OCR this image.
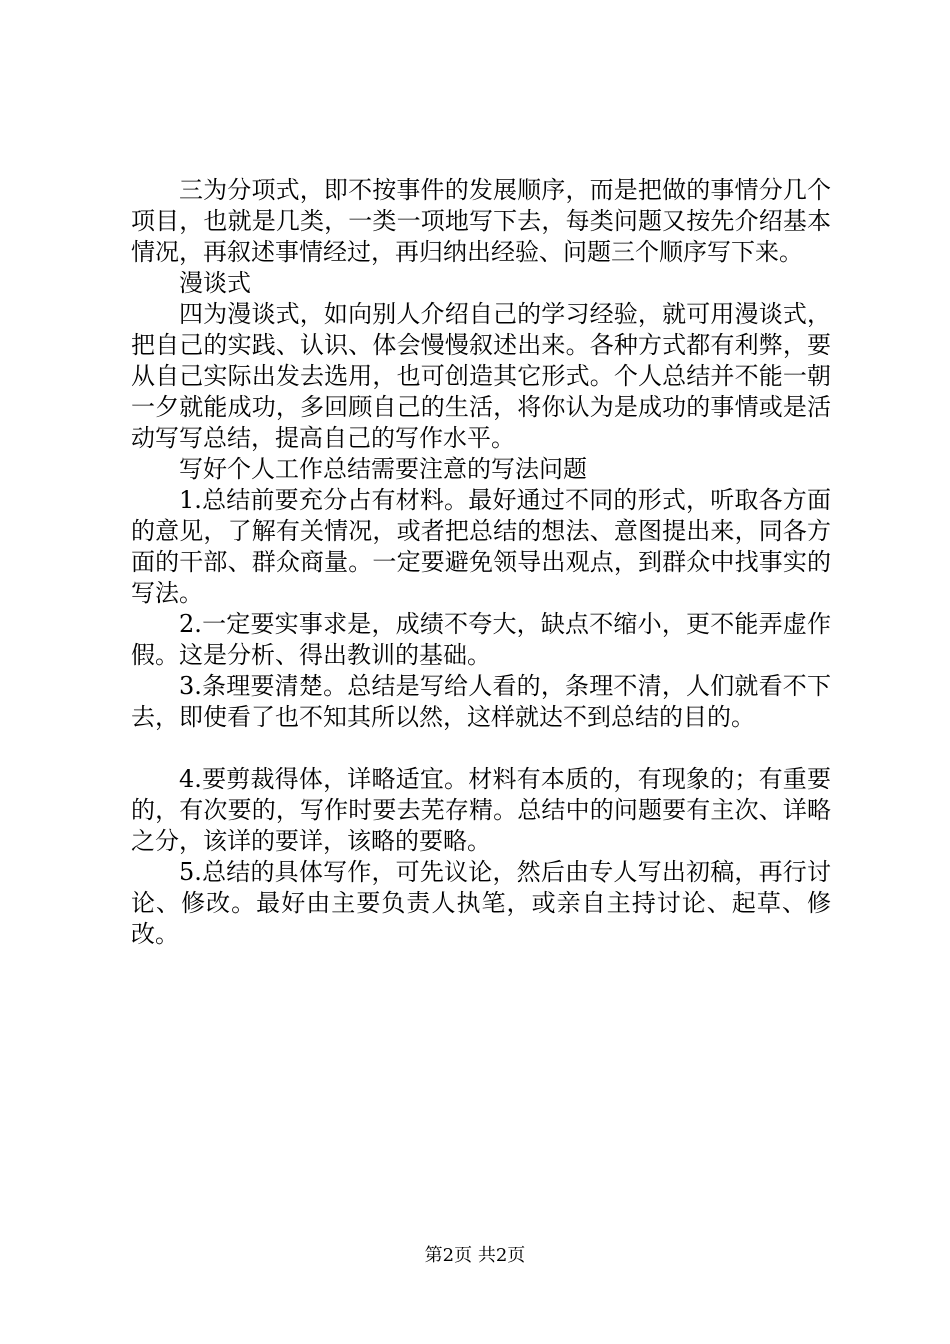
三为分项式，即不按事件的发展顺序，而是把做的事情分几个项目，也就是几类，一类一项地写下去，每类问题又按先介绍基本情况，再叙述事情经过，再归纳出经验、问题三个顺序写下来。

漫谈式

四为漫谈式，如向别人介绍自己的学习经验，就可用漫谈式，把自己的实践、认识、体会慢慢叙述出来。各种方式都有利弊，要从自己实际出发去选用，也可创造其它形式。个人总结并不能一朝一夕就能成功，多回顾自己的生活，将你认为是成功的事情或是活动写写总结，提高自己的写作水平。

写好个人工作总结需要注意的写法问题

1.总结前要充分占有材料。最好通过不同的形式，听取各方面的意见，了解有关情况，或者把总结的想法、意图提出来，同各方面的干部、群众商量。一定要避免领导出观点，到群众中找事实的写法。

2.一定要实事求是，成绩不夸大，缺点不缩小，更不能弄虚作假。这是分析、得出教训的基础。

3.条理要清楚。总结是写给人看的，条理不清，人们就看不下去，即使看了也不知其所以然，这样就达不到总结的目的。

4.要剪裁得体，详略适宜。材料有本质的，有现象的；有重要的，有次要的，写作时要去芜存精。总结中的问题要有主次、详略之分，该详的要详，该略的要略。

5.总结的具体写作，可先议论，然后由专人写出初稿，再行讨论、修改。最好由主要负责人执笔，或亲自主持讨论、起草、修改。

第2页 共2页
